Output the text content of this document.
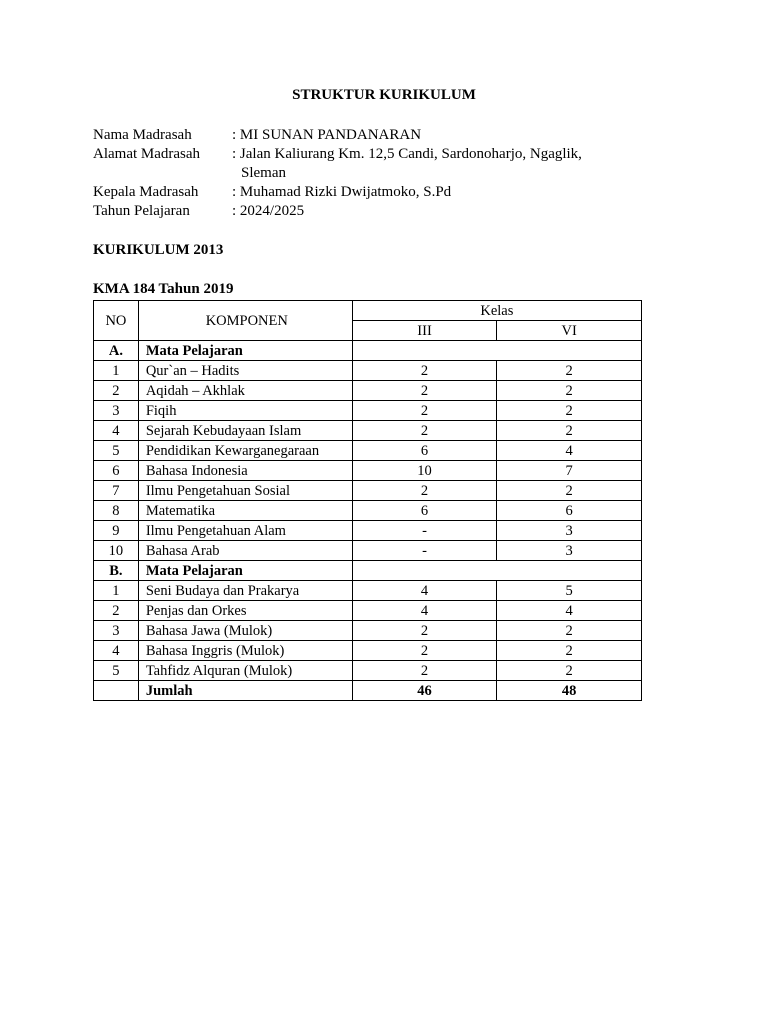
STRUKTUR KURIKULUM
Nama Madrasah	: MI SUNAN PANDANARAN
Alamat Madrasah	: Jalan Kaliurang Km. 12,5 Candi, Sardonoharjo, Ngaglik,
Sleman
Kepala Madrasah	: Muhamad Rizki Dwijatmoko, S.Pd
Tahun Pelajaran	: 2024/2025
KURIKULUM 2013
KMA 184 Tahun 2019
NO	KOMPONEN	Kelas	
		III	VI
A.	Mata Pelajaran		
1	Qur`an – Hadits	2	2
2	Aqidah – Akhlak	2	2
3	Fiqih	2	2
4	Sejarah Kebudayaan Islam	2	2
5	Pendidikan Kewarganegaraan	6	4
6	Bahasa Indonesia	10	7
7	Ilmu Pengetahuan Sosial	2	2
8	Matematika	6	6
9	Ilmu Pengetahuan Alam	-	3
10	Bahasa Arab	-	3
B.	Mata Pelajaran		
1	Seni Budaya dan Prakarya	4	5
2	Penjas dan Orkes	4	4
3	Bahasa Jawa (Mulok)	2	2
4	Bahasa Inggris (Mulok)	2	2
5	Tahfidz Alquran (Mulok)	2	2
	Jumlah	46	48
